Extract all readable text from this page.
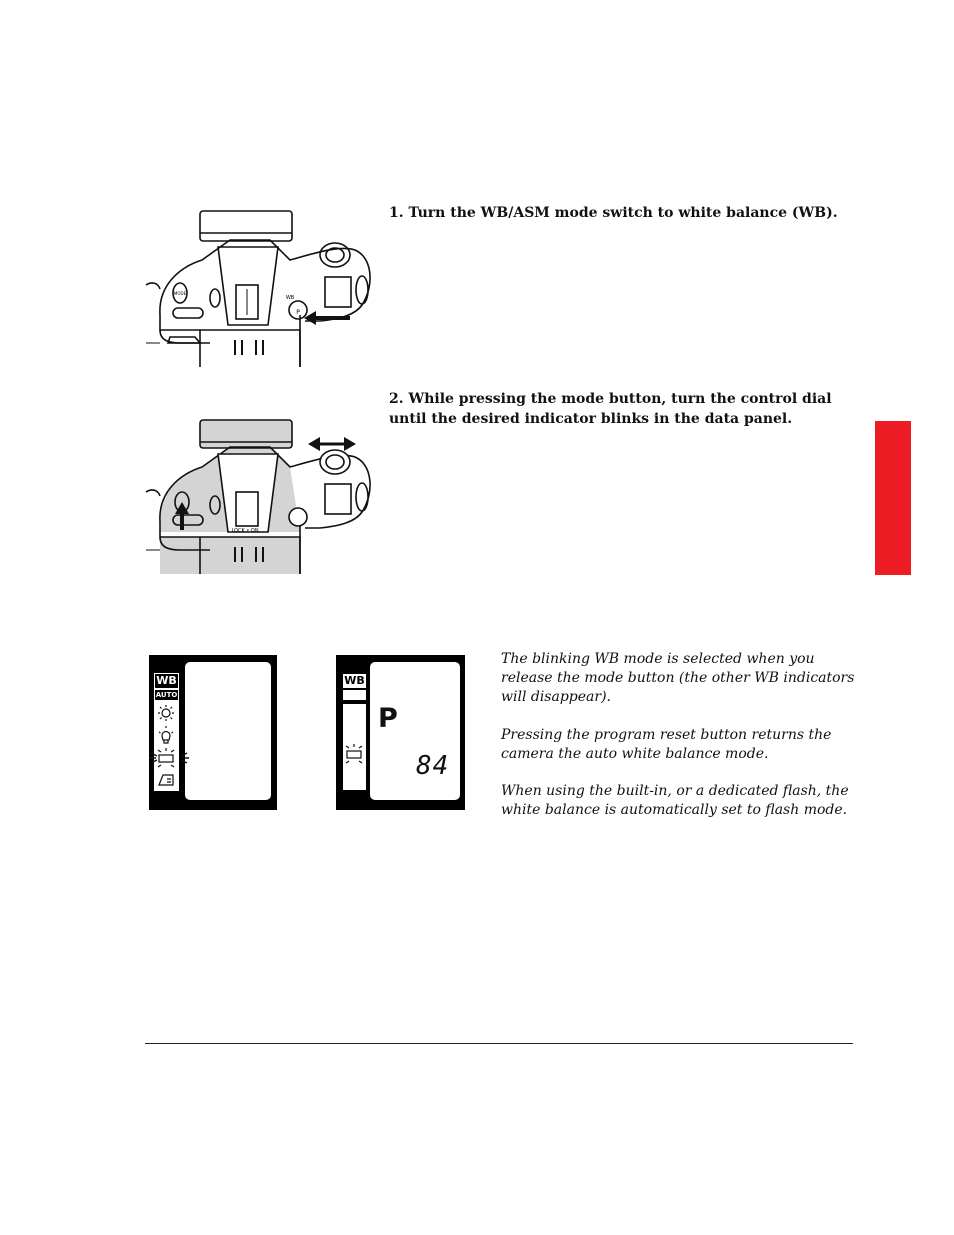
1. Turn the WB/ASM mode switch to white balance (WB).
2. While pressing the mode button, turn the control dial until the desired indicator blinks in the data panel.
P
MODE
WB
LOCK • ON
WB
AUTO
WB
P
84
The blinking WB mode is selected when you release the mode button (the other WB indicators will disappear).
Pressing the program reset button returns the camera the auto white balance mode.
When using the built-in, or a dedicated flash, the white balance is automatically set to flash mode.
